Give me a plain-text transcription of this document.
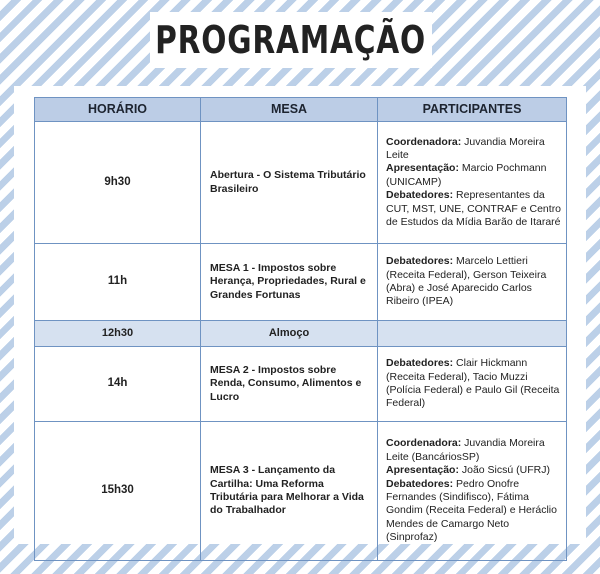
PROGRAMAÇÃO
HORÁRIO	MESA	PARTICIPANTES
9h30	Abertura - O Sistema Tributário Brasileiro	Coordenadora: Juvandia Moreira Leite
Apresentação: Marcio Pochmann (UNICAMP)
Debatedores: Representantes da CUT, MST, UNE, CONTRAF e Centro de Estudos da Mídia Barão de Itararé
11h	MESA 1 - Impostos sobre Herança, Propriedades, Rural e Grandes Fortunas	Debatedores: Marcelo Lettieri (Receita Federal), Gerson Teixeira (Abra) e José Aparecido Carlos Ribeiro (IPEA)
12h30	Almoço	
14h	MESA 2 - Impostos sobre Renda, Consumo, Alimentos e Lucro	Debatedores: Clair Hickmann (Receita Federal), Tacio Muzzi (Polícia Federal) e Paulo Gil (Receita Federal)
15h30	MESA 3 - Lançamento da Cartilha: Uma Reforma Tributária para Melhorar a Vida do Trabalhador	Coordenadora: Juvandia Moreira Leite (BancáriosSP)
Apresentação: João Sicsú (UFRJ)
Debatedores: Pedro Onofre Fernandes (Sindifisco), Fátima Gondim (Receita Federal) e Heráclio Mendes de Camargo Neto (Sinprofaz)
